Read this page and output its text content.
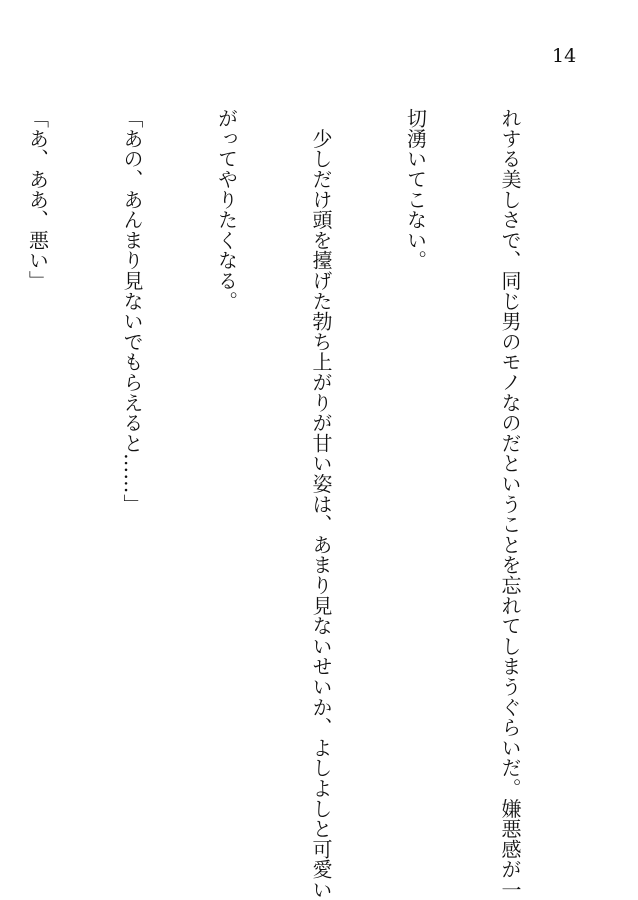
14

れする美しさで、同じ男のモノなのだということを忘れてしまうぐらいだ。嫌悪感が一

切湧いてこない。

　少しだけ頭を擡げた勃ち上がりが甘い姿は、あまり見ないせいか、よしよしと可愛い

がってやりたくなる。

「あの、あんまり見ないでもらえると……」

「あ、ああ、悪い」
